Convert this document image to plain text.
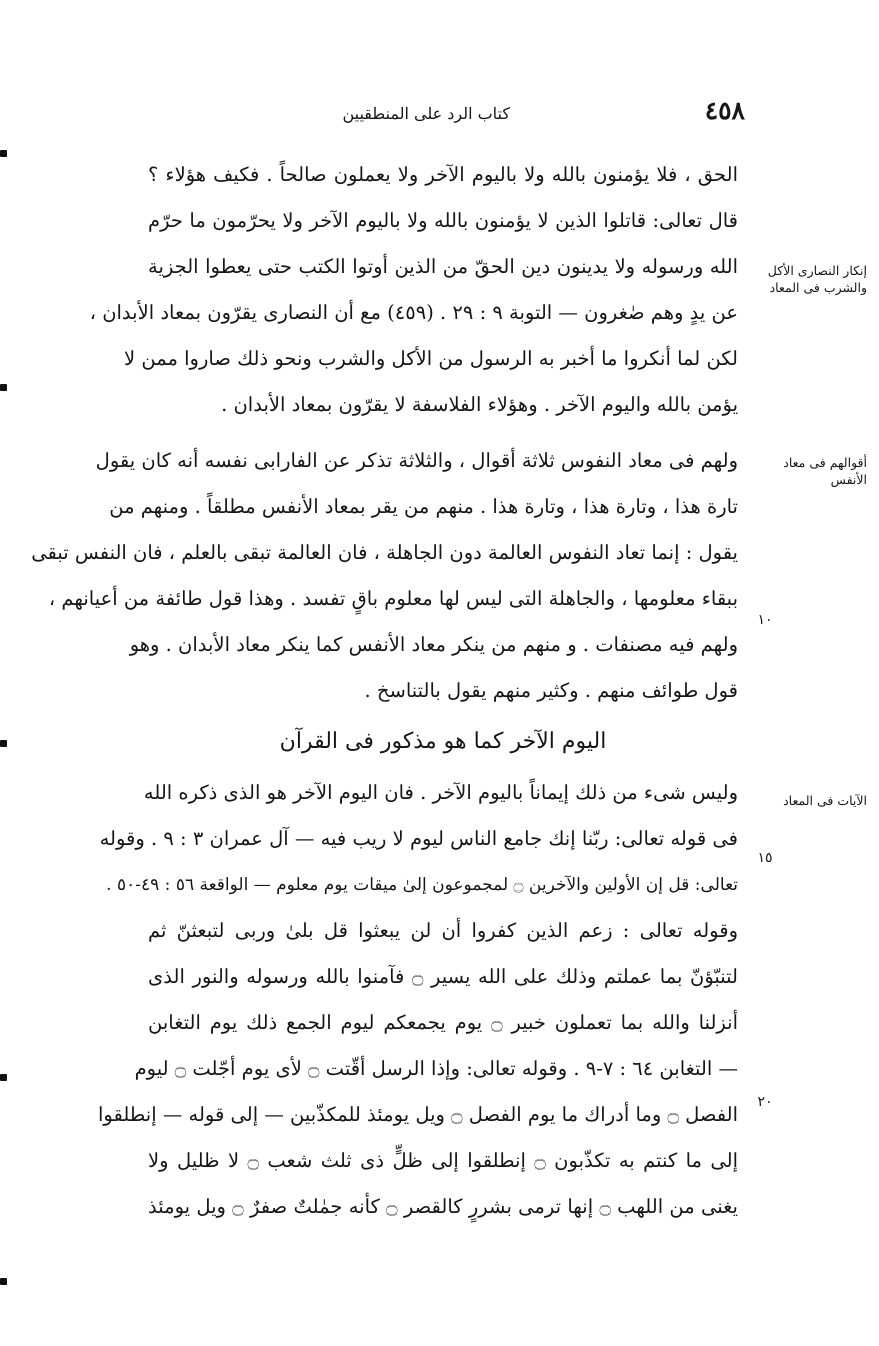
٤٥٨
كتاب الرد على المنطقيين
إنكار النصارى الأكل والشرب فى المعاد
أقوالهم فى معاد الأنفس
الآيات فى المعاد
١٠
١٥
٢٠
الحق ، فلا يؤمنون بالله ولا باليوم الآخر ولا يعملون صالحاً . فكيف هؤلاء ؟
قال تعالى: قاتلوا الذين لا يؤمنون بالله ولا باليوم الآخر ولا يحرّمون ما حرّم
الله ورسوله ولا يدينون دين الحقّ من الذين أوتوا الكتب حتى يعطوا الجزية
عن يدٍ وهم صٰغرون — التوبة ٩ : ٢٩ . (٤٥٩) مع أن النصارى يقرّون بمعاد الأبدان ،
لكن لما أنكروا ما أخبر به الرسول من الأكل والشرب ونحو ذلك صاروا ممن لا
يؤمن بالله واليوم الآخر . وهؤلاء الفلاسفة لا يقرّون بمعاد الأبدان .
ولهم فى معاد النفوس ثلاثة أقوال ، والثلاثة تذكر عن الفارابى نفسه أنه كان يقول
تارة هذا ، وتارة هذا ، وتارة هذا . منهم من يقر بمعاد الأنفس مطلقاً . ومنهم من
يقول : إنما تعاد النفوس العالمة دون الجاهلة ، فان العالمة تبقى بالعلم ، فان النفس تبقى
ببقاء معلومها ، والجاهلة التى ليس لها معلوم باقٍ تفسد . وهذا قول طائفة من أعيانهم ،
ولهم فيه مصنفات . و منهم من ينكر معاد الأنفس كما ينكر معاد الأبدان . وهو
قول طوائف منهم . وكثير منهم يقول بالتناسخ .
اليوم الآخر كما هو مذكور فى القرآن
وليس شىء من ذلك إيماناً باليوم الآخر . فان اليوم الآخر هو الذى ذكره الله
فى قوله تعالى: ربّنا إنك جامع الناس ليوم لا ريب فيه — آل عمران ٣ : ٩ . وقوله
تعالى: قل إن الأولين والآخرين ۝ لمجموعون إلىٰ ميقات يوم معلوم — الواقعة ٥٦ : ٤٩-٥٠ .
وقوله تعالى : زعم الذين كفروا أن لن يبعثوا قل بلىٰ وربى لتبعثنّ ثم
لتنبّؤنّ بما عملتم وذلك على الله يسير ۝ فآمنوا بالله ورسوله والنور الذى
أنزلنا والله بما تعملون خبير ۝ يوم يجمعكم ليوم الجمع ذلك يوم التغابن
— التغابن ٦٤ : ٧-٩ . وقوله تعالى: وإذا الرسل أقّتت ۝ لأى يوم أجّلت ۝ ليوم
الفصل ۝ وما أدراك ما يوم الفصل ۝ ويل يومئذ للمكذّبين — إلى قوله — إنطلقوا
إلى ما كنتم به تكذّبون ۝ إنطلقوا إلى ظلٍّ ذى ثلث شعب ۝ لا ظليل ولا
يغنى من اللهب ۝ إنها ترمى بشررٍ كالقصر ۝ كأنه جمٰلتٌ صفرٌ ۝ ويل يومئذ
